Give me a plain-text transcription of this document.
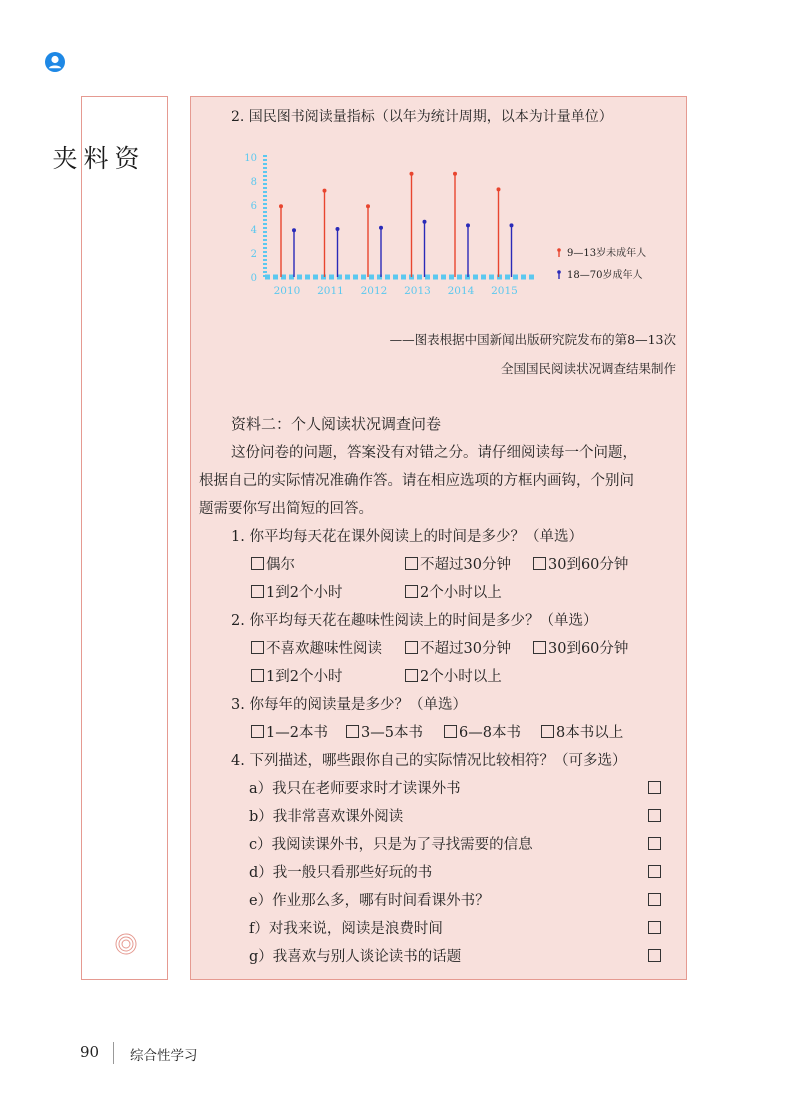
资料夹
2. 国民图书阅读量指标（以年为统计周期，以本为计量单位）
0
2
4
6
8
10
2010 2011 2012 2013 2014 2015
9—13岁未成年人
18—70岁成年人
——图表根据中国新闻出版研究院发布的第8—13次
全国国民阅读状况调查结果制作
资料二：个人阅读状况调查问卷
这份问卷的问题，答案没有对错之分。请仔细阅读每一个问题，
根据自己的实际情况准确作答。请在相应选项的方框内画钩，个别问
题需要你写出简短的回答。
1. 你平均每天花在课外阅读上的时间是多少？（单选）
偶尔	不超过30分钟	30到60分钟
1到2个小时	2个小时以上
2. 你平均每天花在趣味性阅读上的时间是多少？（单选）
不喜欢趣味性阅读	不超过30分钟	30到60分钟
1到2个小时	2个小时以上
3. 你每年的阅读量是多少？（单选）
1—2本书	3—5本书	6—8本书	8本书以上
4. 下列描述，哪些跟你自己的实际情况比较相符？（可多选）
a）我只在老师要求时才读课外书
b）我非常喜欢课外阅读
c）我阅读课外书，只是为了寻找需要的信息
d）我一般只看那些好玩的书
e）作业那么多，哪有时间看课外书？
f）对我来说，阅读是浪费时间
g）我喜欢与别人谈论读书的话题
90 综合性学习
